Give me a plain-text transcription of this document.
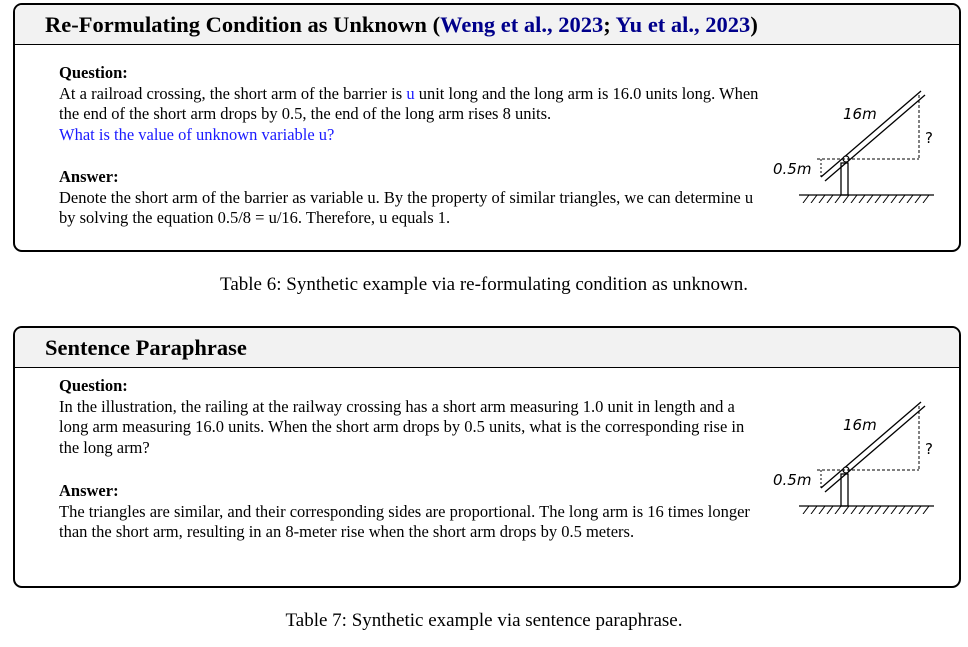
Re-Formulating Condition as Unknown (Weng et al., 2023; Yu et al., 2023)
Question:
At a railroad crossing, the short arm of the barrier is u unit long and the long arm is 16.0 units long. When the end of the short arm drops by 0.5, the end of the long arm rises 8 units.
What is the value of unknown variable u?
Answer:
Denote the short arm of the barrier as variable u. By the property of similar triangles, we can determine u by solving the equation 0.5/8 = u/16. Therefore, u equals 1.
16m
0.5m
?
Table 6: Synthetic example via re-formulating condition as unknown.
Sentence Paraphrase
Question:
In the illustration, the railing at the railway crossing has a short arm measuring 1.0 unit in length and a long arm measuring 16.0 units. When the short arm drops by 0.5 units, what is the corresponding rise in the long arm?
Answer:
The triangles are similar, and their corresponding sides are proportional. The long arm is 16 times longer than the short arm, resulting in an 8-meter rise when the short arm drops by 0.5 meters.
16m
0.5m
?
Table 7: Synthetic example via sentence paraphrase.
